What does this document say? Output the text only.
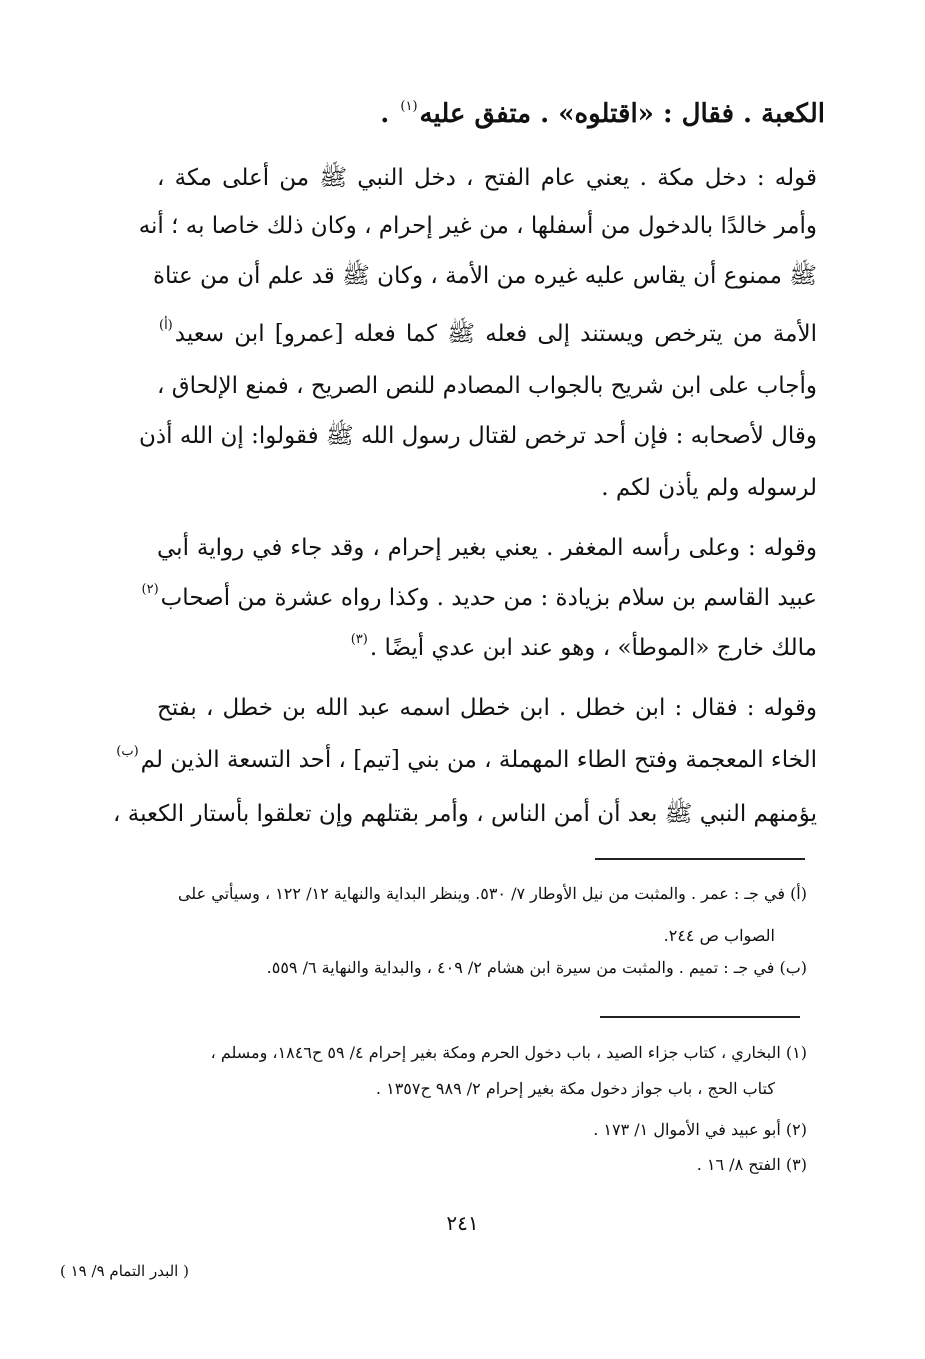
الكعبة . فقال : «اقتلوه» . متفق عليه$^{(١)}$ .
قوله : دخل مكة . يعني عام الفتح ، دخل النبي ﷺ من أعلى مكة ،
وأمر خالدًا بالدخول من أسفلها ، من غير إحرام ، وكان ذلك خاصا به ؛ أنه
ﷺ ممنوع أن يقاس عليه غيره من الأمة ، وكان ﷺ قد علم أن من عتاة
الأمة من يترخص ويستند إلى فعله ﷺ كما فعله [عمرو] ابن سعيد$^{(أ)}$
وأجاب على ابن شريح بالجواب المصادم للنص الصريح ، فمنع الإلحاق ،
وقال لأصحابه : فإن أحد ترخص لقتال رسول الله ﷺ فقولوا: إن الله أذن
لرسوله ولم يأذن لكم .
وقوله : وعلى رأسه المغفر . يعني بغير إحرام ، وقد جاء في رواية أبي
عبيد القاسم بن سلام بزيادة : من حديد . وكذا رواه عشرة من أصحاب$^{(٢)}$
مالك خارج «الموطأ» ، وهو عند ابن عدي أيضًا .$^{(٣)}$
وقوله : فقال : ابن خطل . ابن خطل اسمه عبد الله بن خطل ، بفتح
الخاء المعجمة وفتح الطاء المهملة ، من بني [تيم] ، أحد التسعة الذين لم$^{(ب)}$
يؤمنهم النبي ﷺ بعد أن أمن الناس ، وأمر بقتلهم وإن تعلقوا بأستار الكعبة ،
(أ) في جـ : عمر . والمثبت من نيل الأوطار ٧/ ٥٣٠. وينظر البداية والنهاية ١٢/ ١٢٢ ، وسيأتي على
الصواب ص ٢٤٤.
(ب) في جـ : تميم . والمثبت من سيرة ابن هشام ٢/ ٤٠٩ ، والبداية والنهاية ٦/ ٥٥٩.
(١) البخاري ، كتاب جزاء الصيد ، باب دخول الحرم ومكة بغير إحرام ٤/ ٥٩ ح١٨٤٦، ومسلم ،
كتاب الحج ، باب جواز دخول مكة بغير إحرام ٢/ ٩٨٩ ح١٣٥٧ .
(٢) أبو عبيد في الأموال ١/ ١٧٣ .
(٣) الفتح ٨/ ١٦ .
٢٤١
( البدر التمام ٩/ ١٩ )
